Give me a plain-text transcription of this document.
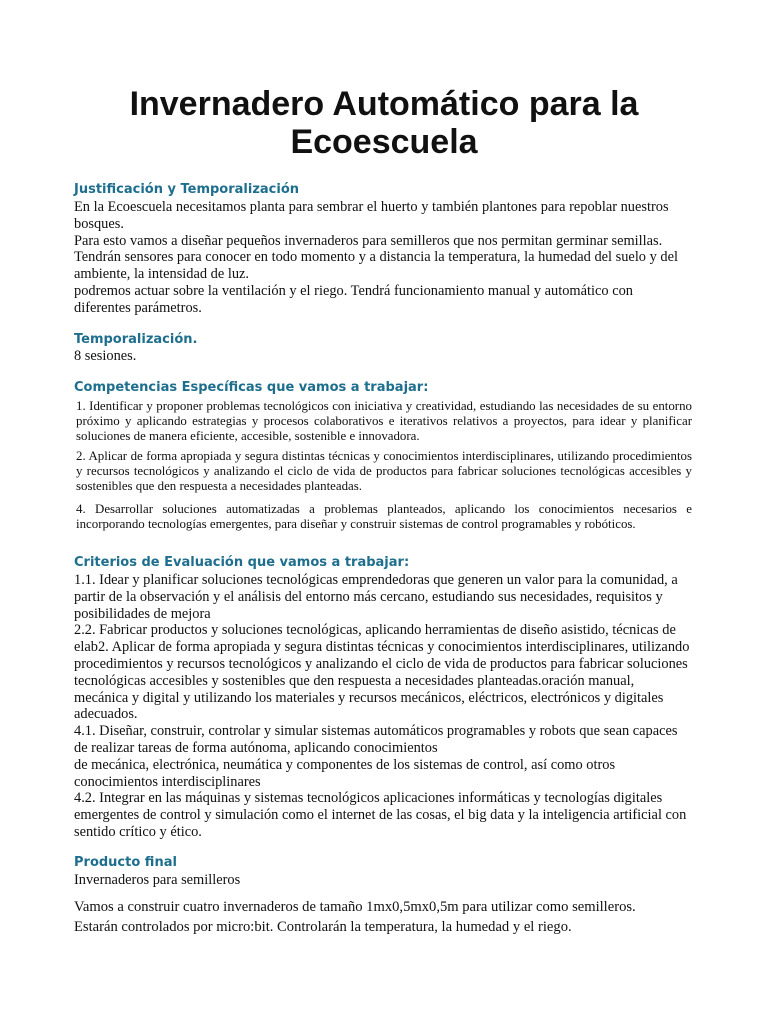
Invernadero Automático para la
Ecoescuela
Justificación y Temporalización

En la Ecoescuela necesitamos planta para sembrar el huerto y también plantones para repoblar nuestros bosques.

Para esto vamos a diseñar pequeños invernaderos para semilleros que nos permitan germinar semillas. Tendrán sensores para conocer en todo momento y a distancia la temperatura, la humedad del suelo y del ambiente, la intensidad de luz.

podremos actuar sobre la ventilación y el riego. Tendrá funcionamiento manual y automático con diferentes parámetros.

Temporalización.
8 sesiones.
Competencias Específicas que vamos a trabajar:

1. Identificar y proponer problemas tecnológicos con iniciativa y creatividad, estudiando las necesidades de su entorno próximo y aplicando estrategias y procesos colaborativos e iterativos relativos a proyectos, para idear y planificar soluciones de manera eficiente, accesible, sostenible e innovadora.

2. Aplicar de forma apropiada y segura distintas técnicas y conocimientos interdisciplinares, utilizando procedimientos y recursos tecnológicos y analizando el ciclo de vida de productos para fabricar soluciones tecnológicas accesibles y sostenibles que den respuesta a necesidades planteadas.

4. Desarrollar soluciones automatizadas a problemas planteados, aplicando los conocimientos necesarios e incorporando tecnologías emergentes, para diseñar y construir sistemas de control programables y robóticos.

Criterios de Evaluación que vamos a trabajar:

1.1. Idear y planificar soluciones tecnológicas emprendedoras que generen un valor para la comunidad, a partir de la observación y el análisis del entorno más cercano, estudiando sus necesidades, requisitos y posibilidades de mejora

2.2. Fabricar productos y soluciones tecnológicas, aplicando herramientas de diseño asistido, técnicas de elab2. Aplicar de forma apropiada y segura distintas técnicas y conocimientos interdisciplinares, utilizando procedimientos y recursos tecnológicos y analizando el ciclo de vida de productos para fabricar soluciones tecnológicas accesibles y sostenibles que den respuesta a necesidades planteadas.oración manual, mecánica y digital y utilizando los materiales y recursos mecánicos, eléctricos, electrónicos y digitales adecuados.

4.1. Diseñar, construir, controlar y simular sistemas automáticos programables y robots que sean capaces de realizar tareas de forma autónoma, aplicando conocimientos

de mecánica, electrónica, neumática y componentes de los sistemas de control, así como otros conocimientos interdisciplinares

4.2. Integrar en las máquinas y sistemas tecnológicos aplicaciones informáticas y tecnologías digitales emergentes de control y simulación como el internet de las cosas, el big data y la inteligencia artificial con sentido crítico y ético.

Producto final
Invernaderos para semilleros

Vamos a construir cuatro invernaderos de tamaño 1mx0,5mx0,5m para utilizar como semilleros.

Estarán controlados por micro:bit. Controlarán la temperatura, la humedad y el riego.
